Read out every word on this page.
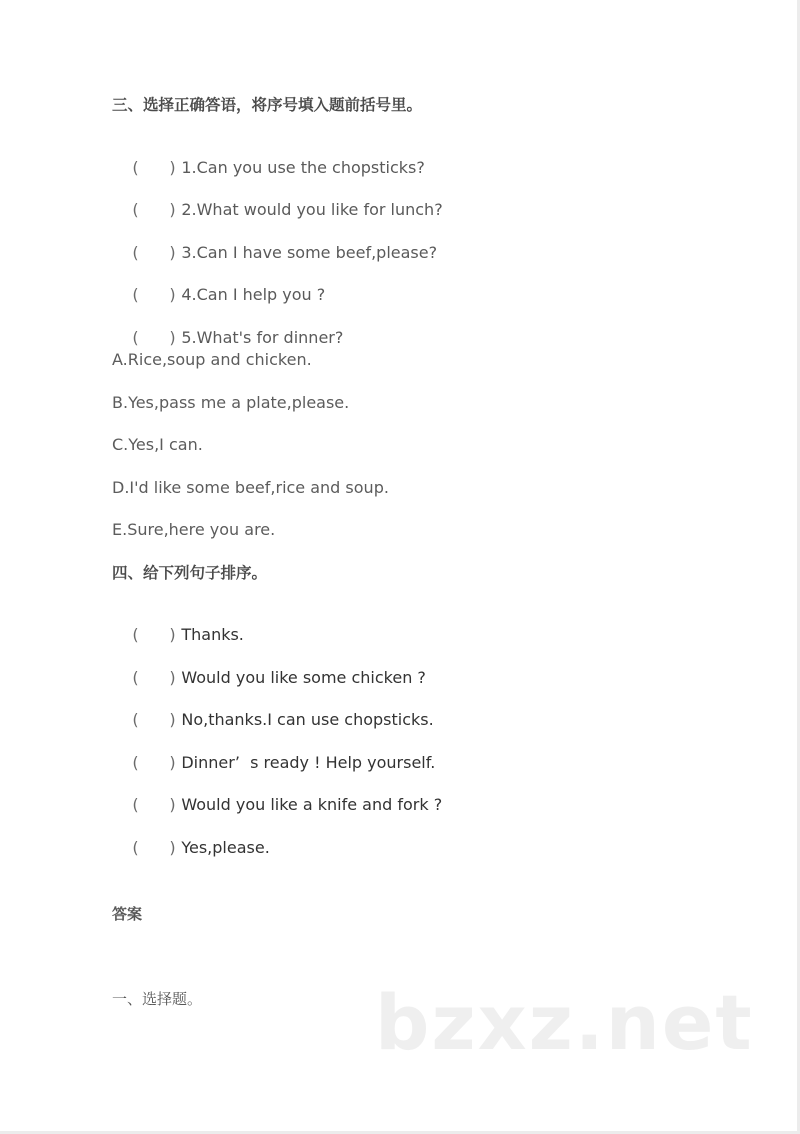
三、选择正确答语，将序号填入题前括号里。

( ) 1.Can you use the chopsticks?

( ) 2.What would you like for lunch?

( ) 3.Can I have some beef,please?

( ) 4.Can I help you ?

( ) 5.What's for dinner?

A.Rice,soup and chicken.
B.Yes,pass me a plate,please.
C.Yes,I can.
D.I'd like some beef,rice and soup.
E.Sure,here you are.
四、给下列句子排序。

( ) Thanks.

( ) Would you like some chicken ?

( ) No,thanks.I can use chopsticks.

( ) Dinner’  s ready ! Help yourself.

( ) Would you like a knife and fork ?

( ) Yes,please.

答案
一、选择题。 bzxz.net
